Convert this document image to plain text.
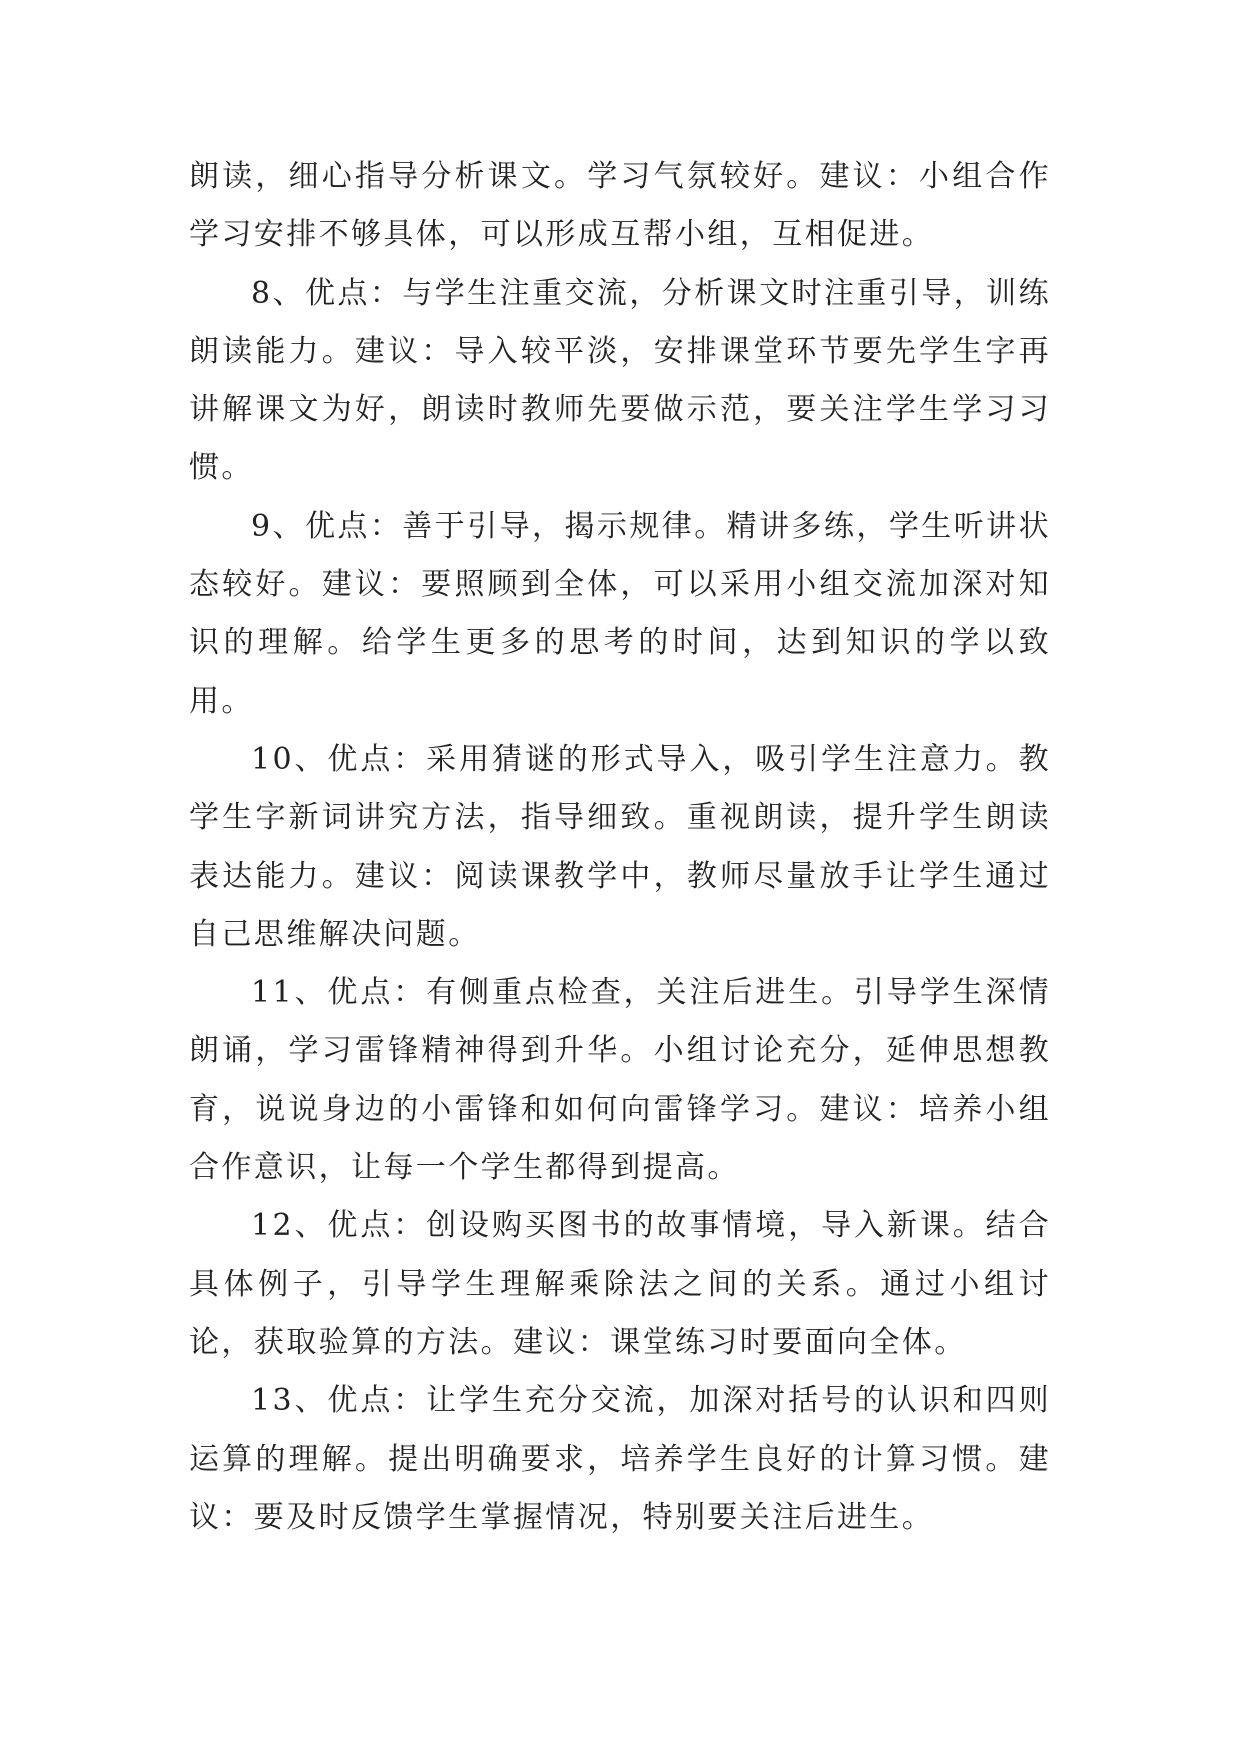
朗读，细心指导分析课文。学习气氛较好。建议：小组合作学习安排不够具体，可以形成互帮小组，互相促进。

8、优点：与学生注重交流，分析课文时注重引导，训练朗读能力。建议：导入较平淡，安排课堂环节要先学生字再讲解课文为好，朗读时教师先要做示范，要关注学生学习习惯。

9、优点：善于引导，揭示规律。精讲多练，学生听讲状态较好。建议：要照顾到全体，可以采用小组交流加深对知识的理解。给学生更多的思考的时间，达到知识的学以致用。

10、优点：采用猜谜的形式导入，吸引学生注意力。教学生字新词讲究方法，指导细致。重视朗读，提升学生朗读表达能力。建议：阅读课教学中，教师尽量放手让学生通过自己思维解决问题。

11、优点：有侧重点检查，关注后进生。引导学生深情朗诵，学习雷锋精神得到升华。小组讨论充分，延伸思想教育，说说身边的小雷锋和如何向雷锋学习。建议：培养小组合作意识，让每一个学生都得到提高。

12、优点：创设购买图书的故事情境，导入新课。结合具体例子，引导学生理解乘除法之间的关系。通过小组讨论，获取验算的方法。建议：课堂练习时要面向全体。

13、优点：让学生充分交流，加深对括号的认识和四则运算的理解。提出明确要求，培养学生良好的计算习惯。建议：要及时反馈学生掌握情况，特别要关注后进生。
